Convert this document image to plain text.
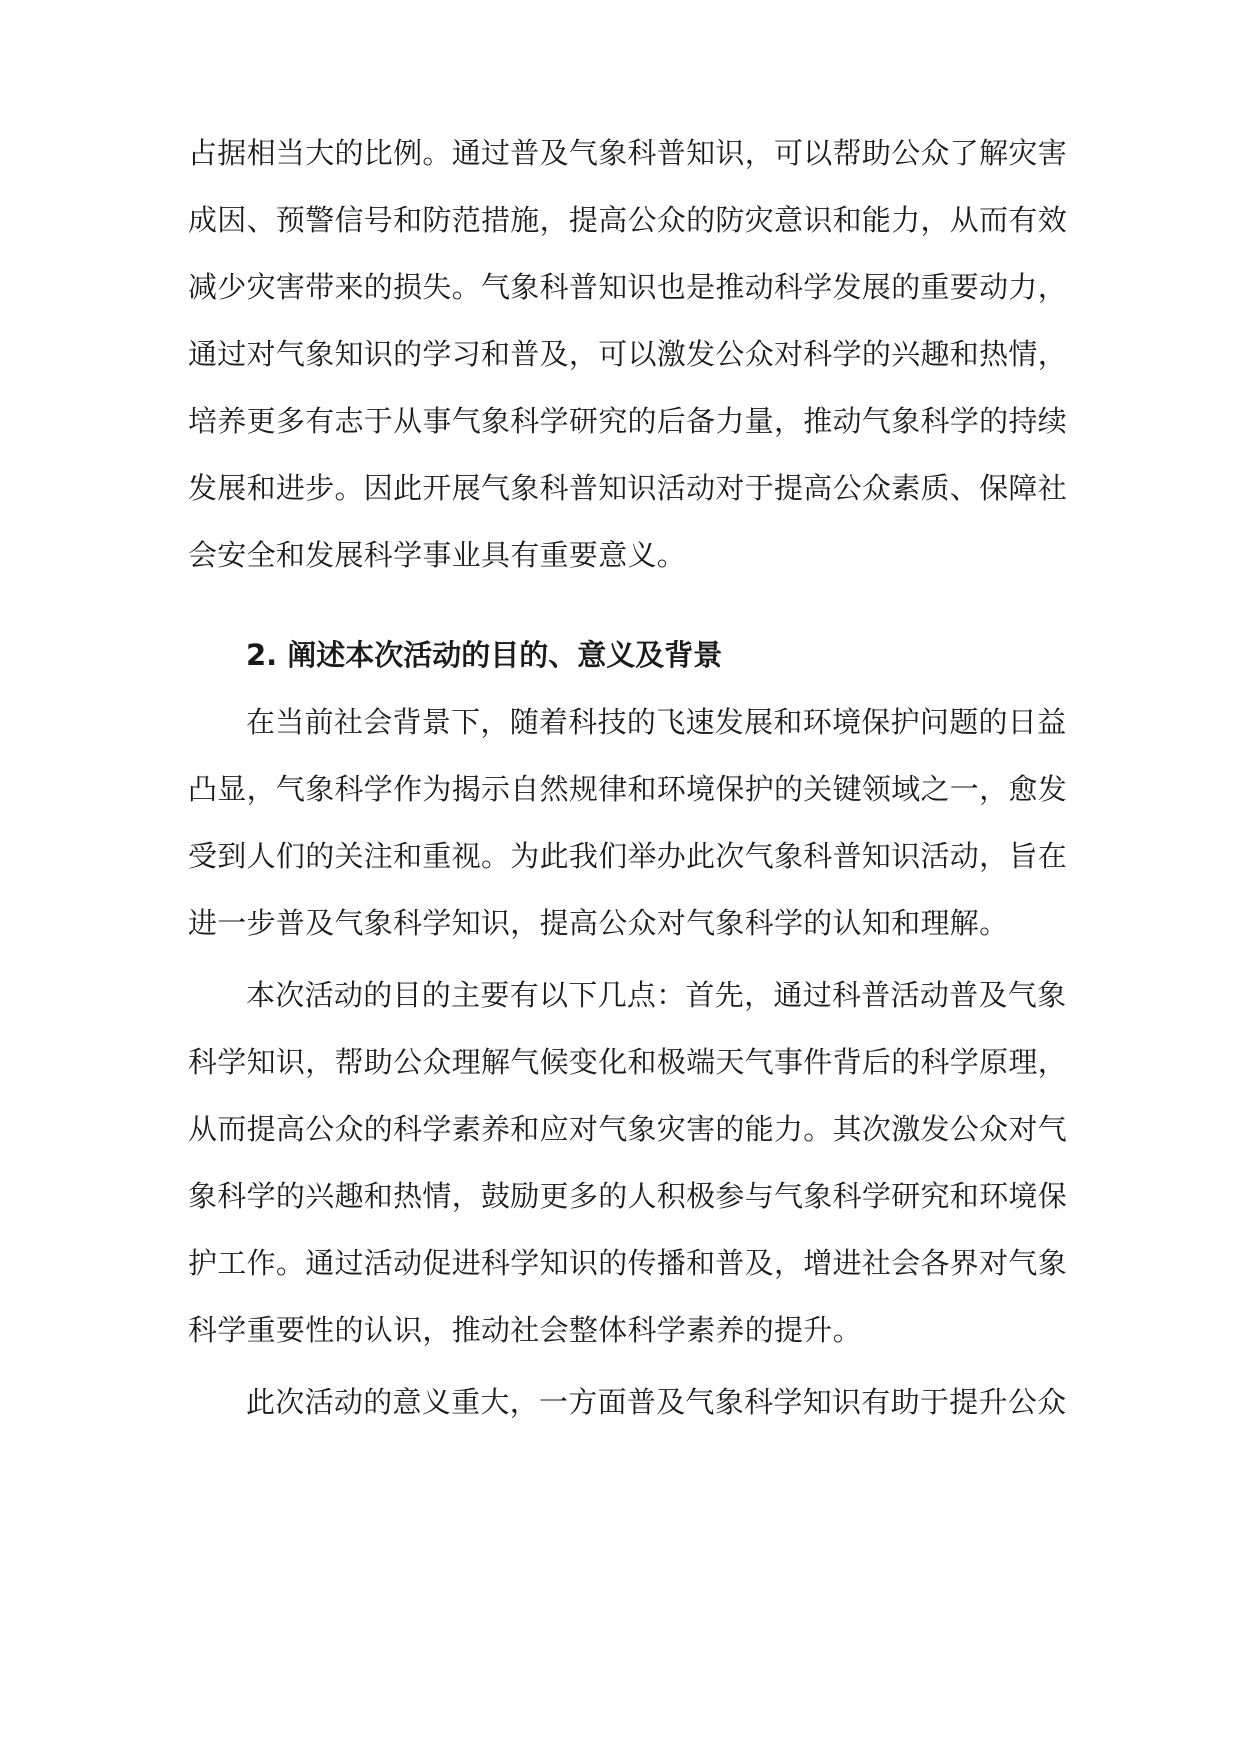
占据相当大的比例。通过普及气象科普知识，可以帮助公众了解灾害
成因、预警信号和防范措施，提高公众的防灾意识和能力，从而有效
减少灾害带来的损失。气象科普知识也是推动科学发展的重要动力，
通过对气象知识的学习和普及，可以激发公众对科学的兴趣和热情，
培养更多有志于从事气象科学研究的后备力量，推动气象科学的持续
发展和进步。因此开展气象科普知识活动对于提高公众素质、保障社
会安全和发展科学事业具有重要意义。
2. 阐述本次活动的目的、意义及背景
在当前社会背景下，随着科技的飞速发展和环境保护问题的日益
凸显，气象科学作为揭示自然规律和环境保护的关键领域之一，愈发
受到人们的关注和重视。为此我们举办此次气象科普知识活动，旨在
进一步普及气象科学知识，提高公众对气象科学的认知和理解。
本次活动的目的主要有以下几点：首先，通过科普活动普及气象
科学知识，帮助公众理解气候变化和极端天气事件背后的科学原理，
从而提高公众的科学素养和应对气象灾害的能力。其次激发公众对气
象科学的兴趣和热情，鼓励更多的人积极参与气象科学研究和环境保
护工作。通过活动促进科学知识的传播和普及，增进社会各界对气象
科学重要性的认识，推动社会整体科学素养的提升。
此次活动的意义重大，一方面普及气象科学知识有助于提升公众
